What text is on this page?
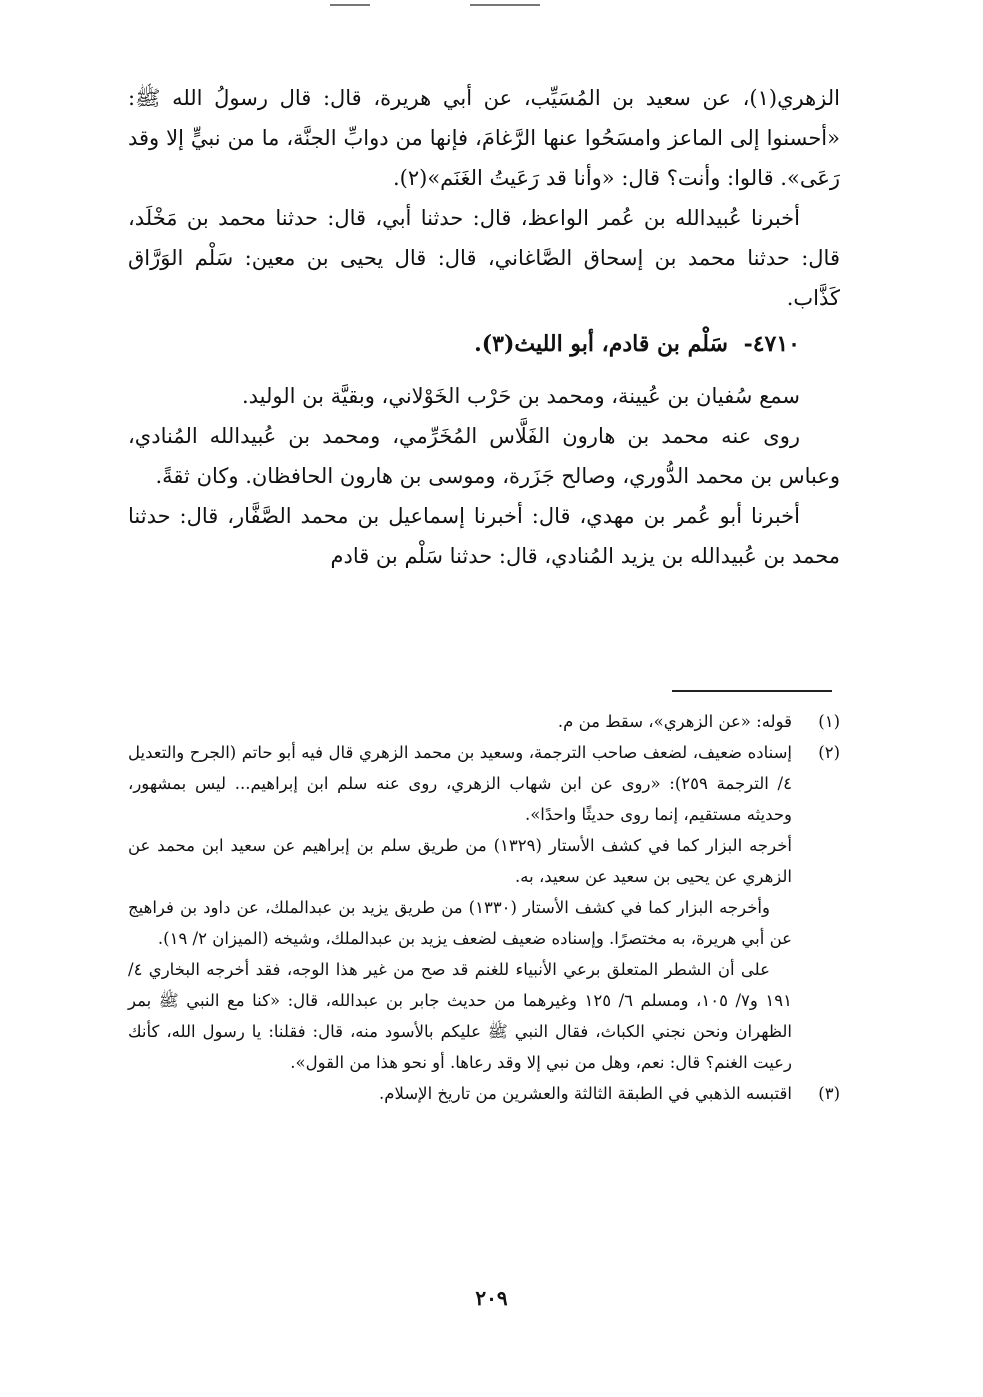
الزهري(١)، عن سعيد بن المُسَيِّب، عن أبي هريرة، قال: قال رسولُ الله ﷺ: «أحسنوا إلى الماعز وامسَحُوا عنها الرَّغامَ، فإنها من دوابِّ الجنَّة، ما من نبيٍّ إلا وقد رَعَى». قالوا: وأنت؟ قال: «وأنا قد رَعَيتُ الغَنَم»(٢).

أخبرنا عُبيدالله بن عُمر الواعظ، قال: حدثنا أبي، قال: حدثنا محمد بن مَخْلَد، قال: حدثنا محمد بن إسحاق الصَّاغاني، قال: قال يحيى بن معين: سَلْم الوَرَّاق كَذَّاب.

٤٧١٠- سَلْم بن قادم، أبو الليث(٣).

سمع سُفيان بن عُيينة، ومحمد بن حَرْب الخَوْلاني، وبقيَّة بن الوليد.

روى عنه محمد بن هارون الفَلَّاس المُخَرِّمي، ومحمد بن عُبيدالله المُنادي، وعباس بن محمد الدُّوري، وصالح جَزَرة، وموسى بن هارون الحافظان. وكان ثقةً.

أخبرنا أبو عُمر بن مهدي، قال: أخبرنا إسماعيل بن محمد الصَّفَّار، قال: حدثنا محمد بن عُبيدالله بن يزيد المُنادي، قال: حدثنا سَلْم بن قادم

(١)
قوله: «عن الزهري»، سقط من م.

(٢)
إسناده ضعيف، لضعف صاحب الترجمة، وسعيد بن محمد الزهري قال فيه أبو حاتم (الجرح والتعديل ٤/ الترجمة ٢٥٩): «روى عن ابن شهاب الزهري، روى عنه سلم ابن إبراهيم... ليس بمشهور، وحديثه مستقيم، إنما روى حديثًا واحدًا».

أخرجه البزار كما في كشف الأستار (١٣٢٩) من طريق سلم بن إبراهيم عن سعيد ابن محمد عن الزهري عن يحيى بن سعيد عن سعيد، به.

وأخرجه البزار كما في كشف الأستار (١٣٣٠) من طريق يزيد بن عبدالملك، عن داود بن فراهيج عن أبي هريرة، به مختصرًا. وإسناده ضعيف لضعف يزيد بن عبدالملك، وشيخه (الميزان ٢/ ١٩).

على أن الشطر المتعلق برعي الأنبياء للغنم قد صح من غير هذا الوجه، فقد أخرجه البخاري ٤/ ١٩١ و٧/ ١٠٥، ومسلم ٦/ ١٢٥ وغيرهما من حديث جابر بن عبدالله، قال: «كنا مع النبي ﷺ بمر الظهران ونحن نجني الكباث، فقال النبي ﷺ عليكم بالأسود منه، قال: فقلنا: يا رسول الله، كأنك رعيت الغنم؟ قال: نعم، وهل من نبي إلا وقد رعاها. أو نحو هذا من القول».

(٣)
اقتبسه الذهبي في الطبقة الثالثة والعشرين من تاريخ الإسلام.

٢٠٩
